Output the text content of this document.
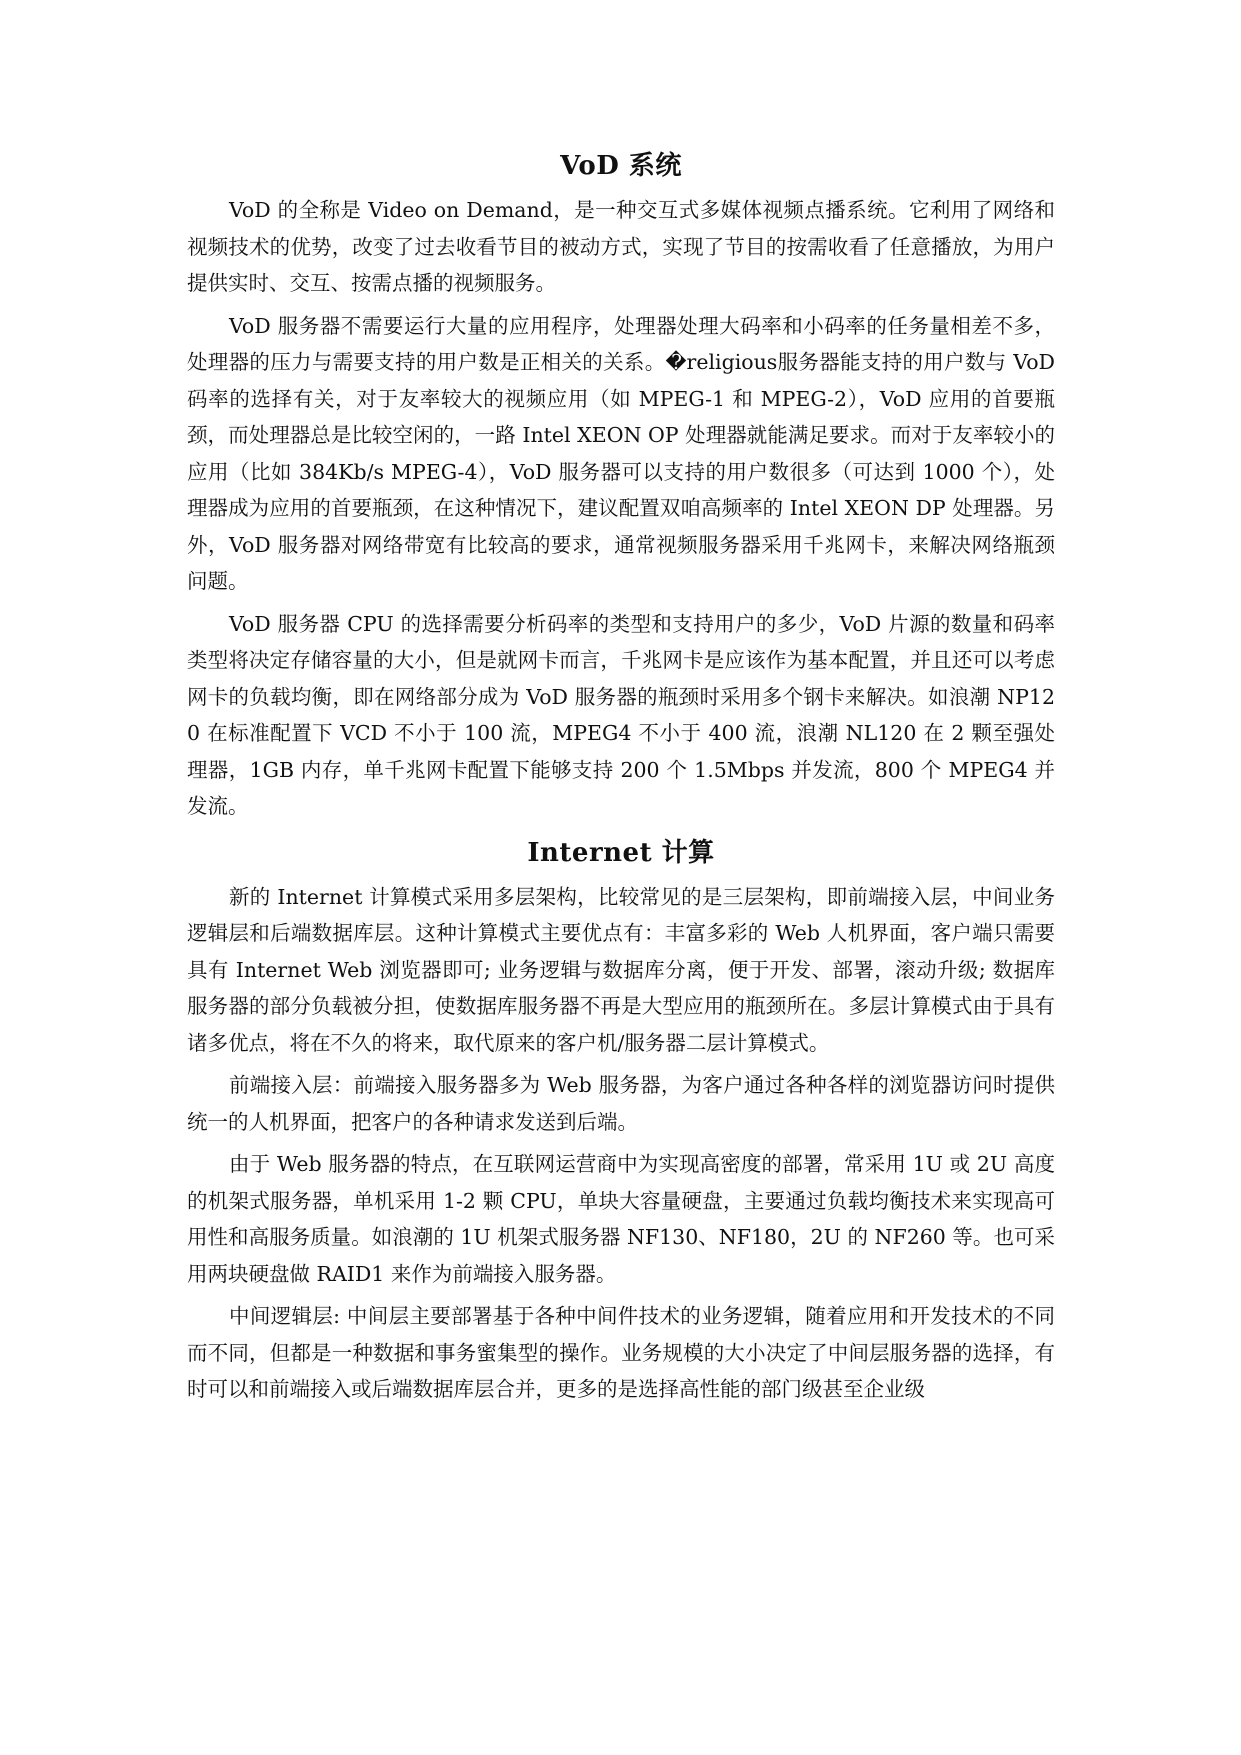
VoD 系统

VoD 的全称是 Video on Demand，是一种交互式多媒体视频点播系统。它利用了网络和视频技术的优势，改变了过去收看节目的被动方式，实现了节目的按需收看了任意播放，为用户提供实时、交互、按需点播的视频服务。

VoD 服务器不需要运行大量的应用程序，处理器处理大码率和小码率的任务量相差不多，处理器的压力与需要支持的用户数是正相关的关系。�religious服务器能支持的用户数与 VoD 码率的选择有关，对于友率较大的视频应用（如 MPEG-1 和 MPEG-2），VoD 应用的首要瓶颈，而处理器总是比较空闲的，一路 Intel XEON OP 处理器就能满足要求。而对于友率较小的应用（比如 384Kb/s MPEG-4），VoD 服务器可以支持的用户数很多（可达到 1000 个），处理器成为应用的首要瓶颈，在这种情况下，建议配置双咱高频率的 Intel XEON DP 处理器。另外，VoD 服务器对网络带宽有比较高的要求，通常视频服务器采用千兆网卡，来解决网络瓶颈问题。

VoD 服务器 CPU 的选择需要分析码率的类型和支持用户的多少，VoD 片源的数量和码率类型将决定存储容量的大小，但是就网卡而言，千兆网卡是应该作为基本配置，并且还可以考虑网卡的负载均衡，即在网络部分成为 VoD 服务器的瓶颈时采用多个钢卡来解决。如浪潮 NP120 在标准配置下 VCD 不小于 100 流，MPEG4 不小于 400 流，浪潮 NL120 在 2 颗至强处理器，1GB 内存，单千兆网卡配置下能够支持 200 个 1.5Mbps 并发流，800 个 MPEG4 并发流。

Internet 计算

新的 Internet 计算模式采用多层架构，比较常见的是三层架构，即前端接入层，中间业务逻辑层和后端数据库层。这种计算模式主要优点有：丰富多彩的 Web 人机界面，客户端只需要具有 Internet Web 浏览器即可; 业务逻辑与数据库分离，便于开发、部署，滚动升级; 数据库服务器的部分负载被分担，使数据库服务器不再是大型应用的瓶颈所在。多层计算模式由于具有诸多优点，将在不久的将来，取代原来的客户机/服务器二层计算模式。

前端接入层：前端接入服务器多为 Web 服务器，为客户通过各种各样的浏览器访问时提供统一的人机界面，把客户的各种请求发送到后端。

由于 Web 服务器的特点，在互联网运营商中为实现高密度的部署，常采用 1U 或 2U 高度的机架式服务器，单机采用 1-2 颗 CPU，单块大容量硬盘，主要通过负载均衡技术来实现高可用性和高服务质量。如浪潮的 1U 机架式服务器 NF130、NF180，2U 的 NF260 等。也可采用两块硬盘做 RAID1 来作为前端接入服务器。

中间逻辑层: 中间层主要部署基于各种中间件技术的业务逻辑，随着应用和开发技术的不同而不同，但都是一种数据和事务蜜集型的操作。业务规模的大小决定了中间层服务器的选择，有时可以和前端接入或后端数据库层合并，更多的是选择高性能的部门级甚至企业级
